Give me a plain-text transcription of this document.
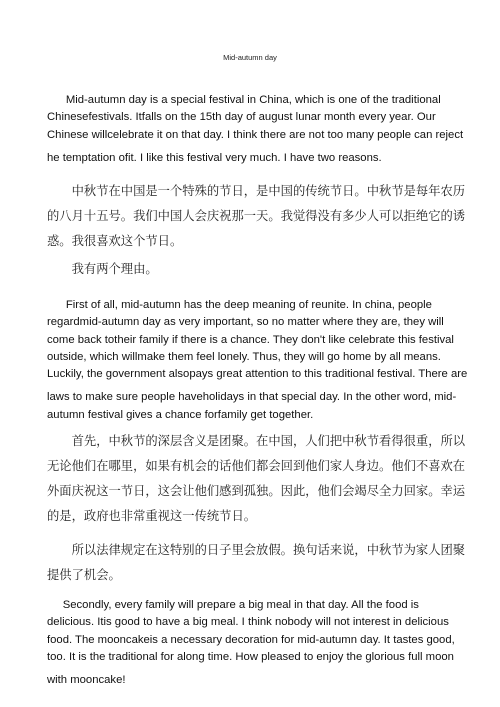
Mid-autumn day
Mid-autumn day is a special festival in China, which is one of the traditional
Chinesefestivals. Itfalls on the 15th day of august lunar month every year. Our
Chinese willcelebrate it on that day. I think there are not too many people can reject
he temptation ofit. I like this festival very much. I have two reasons.
　　中秋节在中国是一个特殊的节日，是中国的传统节日。中秋节是每年农历
的八月十五号。我们中国人会庆祝那一天。我觉得没有多少人可以拒绝它的诱
惑。我很喜欢这个节日。
　　我有两个理由。
First of all, mid-autumn has the deep meaning of reunite. In china, people
regardmid-autumn day as very important, so no matter where they are, they will
come back totheir family if there is a chance. They don't like celebrate this festival
outside, which willmake them feel lonely. Thus, they will go home by all means.
Luckily, the government alsopays great attention to this traditional festival. There are
laws to make sure people haveholidays in that special day. In the other word, mid-
autumn festival gives a chance forfamily get together.
　　首先，中秋节的深层含义是团聚。在中国，人们把中秋节看得很重，所以
无论他们在哪里，如果有机会的话他们都会回到他们家人身边。他们不喜欢在
外面庆祝这一节日，这会让他们感到孤独。因此，他们会竭尽全力回家。幸运
的是，政府也非常重视这一传统节日。
　　所以法律规定在这特别的日子里会放假。换句话来说，中秋节为家人团聚
提供了机会。
Secondly, every family will prepare a big meal in that day. All the food is
delicious. Itis good to have a big meal. I think nobody will not interest in delicious
food. The mooncakeis a necessary decoration for mid-autumn day. It tastes good,
too. It is the traditional for along time. How pleased to enjoy the glorious full moon
with mooncake!
